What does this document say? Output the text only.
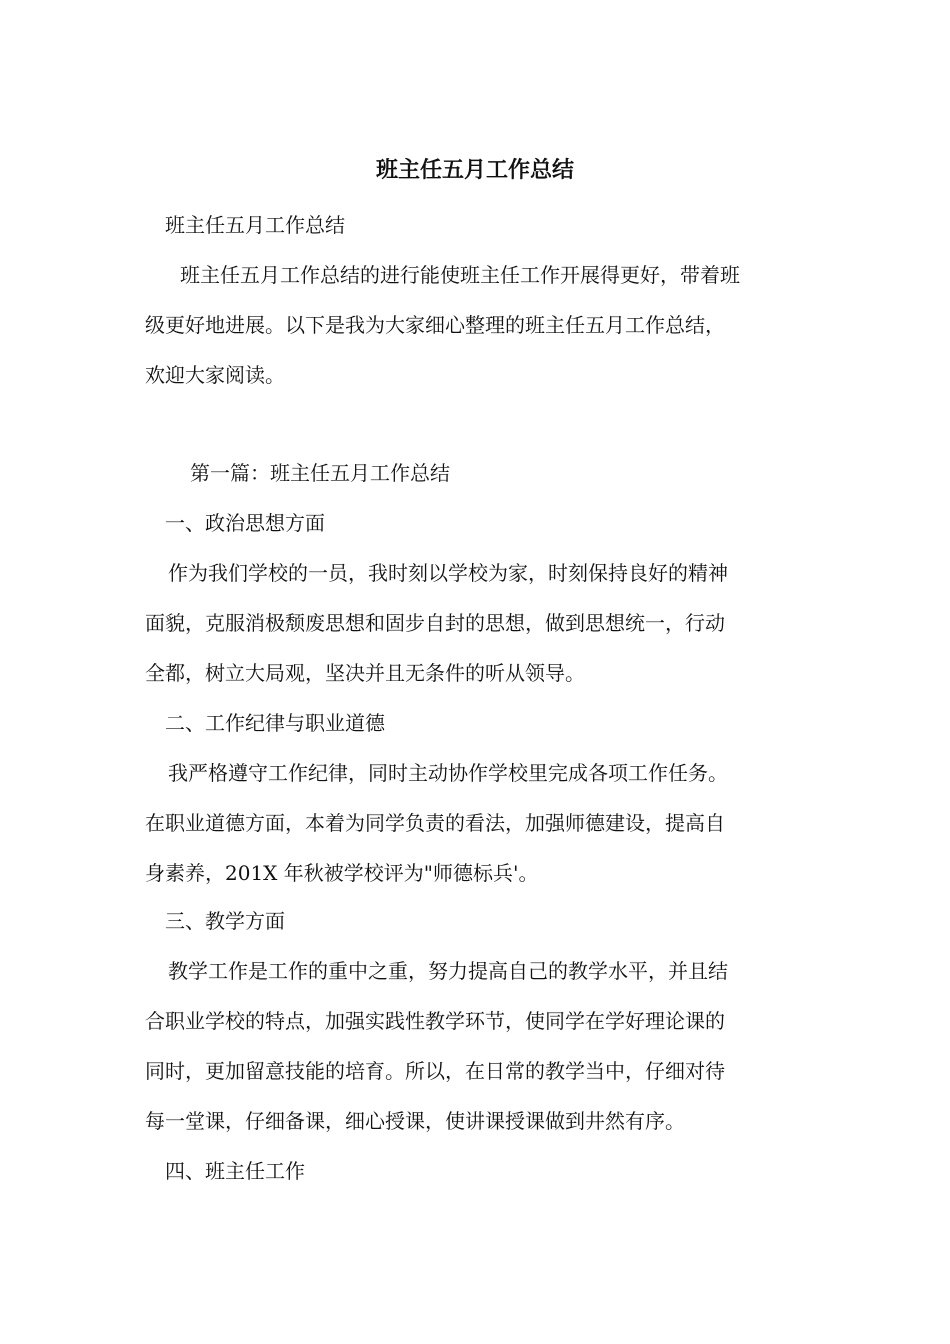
班主任五月工作总结
班主任五月工作总结
班主任五月工作总结的进行能使班主任工作开展得更好，带着班
级更好地进展。以下是我为大家细心整理的班主任五月工作总结，
欢迎大家阅读。
第一篇：班主任五月工作总结
一、政治思想方面
作为我们学校的一员，我时刻以学校为家，时刻保持良好的精神
面貌，克服消极颓废思想和固步自封的思想，做到思想统一，行动
全都，树立大局观，坚决并且无条件的听从领导。
二、工作纪律与职业道德
我严格遵守工作纪律，同时主动协作学校里完成各项工作任务。
在职业道德方面，本着为同学负责的看法，加强师德建设，提高自
身素养，201X 年秋被学校评为"师德标兵'。
三、教学方面
教学工作是工作的重中之重，努力提高自己的教学水平，并且结
合职业学校的特点，加强实践性教学环节，使同学在学好理论课的
同时，更加留意技能的培育。所以，在日常的教学当中，仔细对待
每一堂课，仔细备课，细心授课，使讲课授课做到井然有序。
四、班主任工作
